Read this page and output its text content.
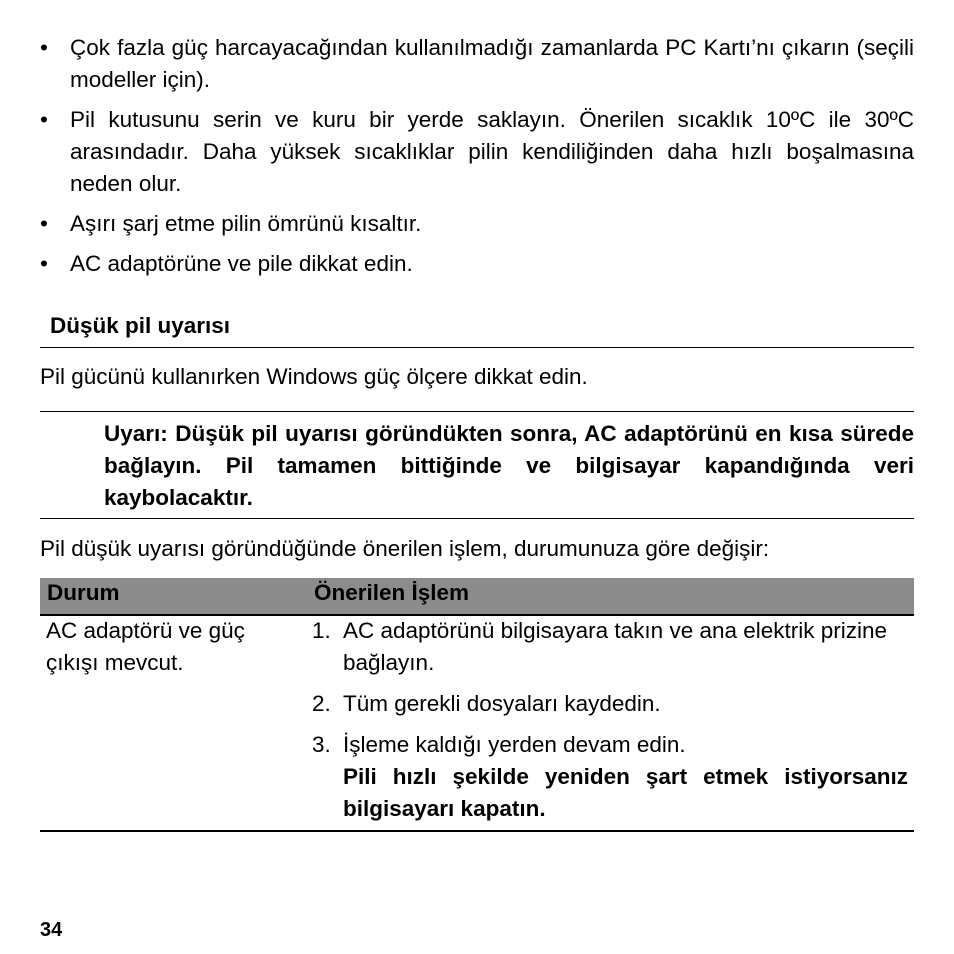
• Çok fazla güç harcayacağından kullanılmadığı zamanlarda PC Kartı’nı çıkarın (seçili modeller için).
• Pil kutusunu serin ve kuru bir yerde saklayın. Önerilen sıcaklık 10ºC ile 30ºC arasındadır. Daha yüksek sıcaklıklar pilin kendiliğinden daha hızlı boşalmasına neden olur.
• Aşırı şarj etme pilin ömrünü kısaltır.
• AC adaptörüne ve pile dikkat edin.
Düşük pil uyarısı
Pil gücünü kullanırken Windows güç ölçere dikkat edin.
Uyarı: Düşük pil uyarısı göründükten sonra, AC adaptörünü en kısa sürede bağlayın. Pil tamamen bittiğinde ve bilgisayar kapandığında veri kaybolacaktır.
Pil düşük uyarısı göründüğünde önerilen işlem, durumunuza göre değişir:
Durum	Önerilen İşlem
AC adaptörü ve güç çıkışı mevcut.
1. AC adaptörünü bilgisayara takın ve ana elektrik prizine bağlayın.
2. Tüm gerekli dosyaları kaydedin.
3. İşleme kaldığı yerden devam edin.
Pili hızlı şekilde yeniden şart etmek istiyorsanız bilgisayarı kapatın.
34
